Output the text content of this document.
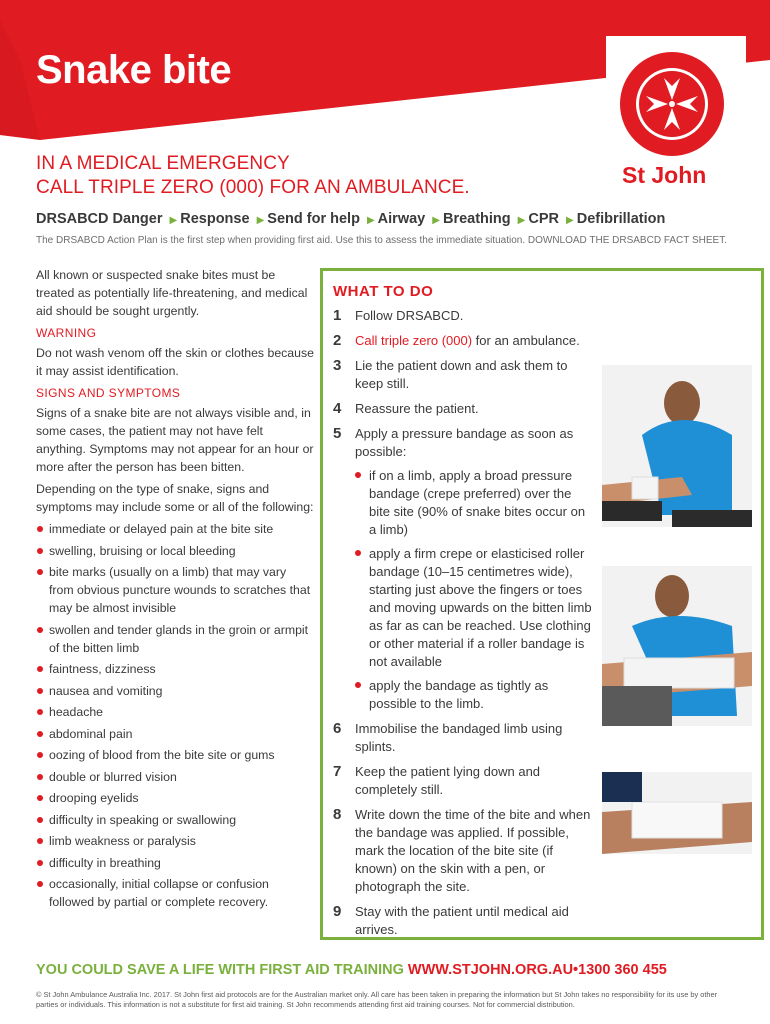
Snake bite
St John
IN A MEDICAL EMERGENCY
CALL TRIPLE ZERO (000) FOR AN AMBULANCE.
DRSABCD Danger ▶ Response ▶ Send for help ▶ Airway ▶ Breathing ▶ CPR ▶ Defibrillation
The DRSABCD Action Plan is the first step when providing first aid. Use this to assess the immediate situation. DOWNLOAD THE DRSABCD FACT SHEET.

All known or suspected snake bites must be treated as potentially life-threatening, and medical aid should be sought urgently.

WARNING

Do not wash venom off the skin or clothes because it may assist identification.

SIGNS AND SYMPTOMS

Signs of a snake bite are not always visible and, in some cases, the patient may not have felt anything. Symptoms may not appear for an hour or more after the person has been bitten.

Depending on the type of snake, signs and symptoms may include some or all of the following:

immediate or delayed pain at the bite site
swelling, bruising or local bleeding
bite marks (usually on a limb) that may vary from obvious puncture wounds to scratches that may be almost invisible
swollen and tender glands in the groin or armpit of the bitten limb
faintness, dizziness
nausea and vomiting
headache
abdominal pain
oozing of blood from the bite site or gums
double or blurred vision
drooping eyelids
difficulty in speaking or swallowing
limb weakness or paralysis
difficulty in breathing
occasionally, initial collapse or confusion followed by partial or complete recovery.
WHAT TO DO
1 Follow DRSABCD.
2 Call triple zero (000) for an ambulance.
3 Lie the patient down and ask them to keep still.
4 Reassure the patient.
5 Apply a pressure bandage as soon as possible:
if on a limb, apply a broad pressure bandage (crepe preferred) over the bite site (90% of snake bites occur on a limb)
apply a firm crepe or elasticised roller bandage (10–15 centimetres wide), starting just above the fingers or toes and moving upwards on the bitten limb as far as can be reached. Use clothing or other material if a roller bandage is not available
apply the bandage as tightly as possible to the limb.
6 Immobilise the bandaged limb using splints.
7 Keep the patient lying down and completely still.
8 Write down the time of the bite and when the bandage was applied. If possible, mark the location of the bite site (if known) on the skin with a pen, or photograph the site.
9 Stay with the patient until medical aid arrives.
YOU COULD SAVE A LIFE WITH FIRST AID TRAINING WWW.STJOHN.ORG.AU•1300 360 455
© St John Ambulance Australia Inc. 2017. St John first aid protocols are for the Australian market only. All care has been taken in preparing the information but St John takes no responsibility for its use by other parties or individuals. This information is not a substitute for first aid training. St John recommends attending first aid training courses. Not for commercial distribution.
